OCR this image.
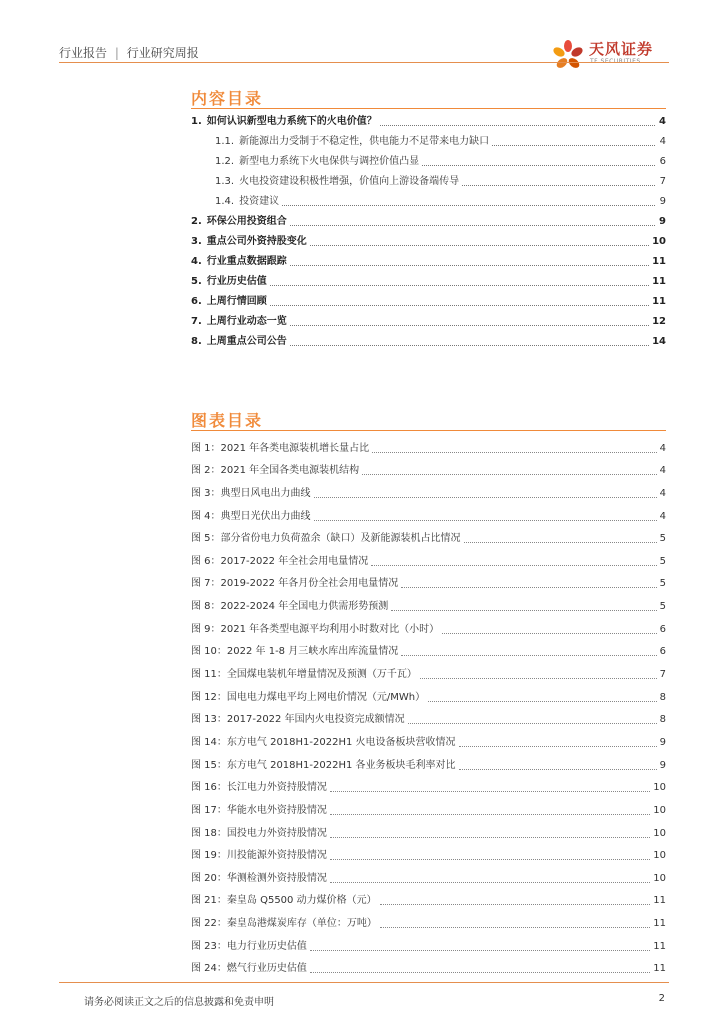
行业报告 | 行业研究周报	天风证券
TF SECURITIES
内容目录
1. 如何认识新型电力系统下的火电价值？	4
1.1. 新能源出力受制于不稳定性，供电能力不足带来电力缺口	4
1.2. 新型电力系统下火电保供与调控价值凸显	6
1.3. 火电投资建设积极性增强，价值向上游设备端传导	7
1.4. 投资建议	9
2. 环保公用投资组合	9
3. 重点公司外资持股变化	10
4. 行业重点数据跟踪	11
5. 行业历史估值	11
6. 上周行情回顾	11
7. 上周行业动态一览	12
8. 上周重点公司公告	14
图表目录
图 1：2021 年各类电源装机增长量占比	4
图 2：2021 年全国各类电源装机结构	4
图 3：典型日风电出力曲线	4
图 4：典型日光伏出力曲线	4
图 5：部分省份电力负荷盈余（缺口）及新能源装机占比情况	5
图 6：2017-2022 年全社会用电量情况	5
图 7：2019-2022 年各月份全社会用电量情况	5
图 8：2022-2024 年全国电力供需形势预测	5
图 9：2021 年各类型电源平均利用小时数对比（小时）	6
图 10：2022 年 1-8 月三峡水库出库流量情况	6
图 11：全国煤电装机年增量情况及预测（万千瓦）	7
图 12：国电电力煤电平均上网电价情况（元/MWh）	8
图 13：2017-2022 年国内火电投资完成额情况	8
图 14：东方电气 2018H1-2022H1 火电设备板块营收情况	9
图 15：东方电气 2018H1-2022H1 各业务板块毛利率对比	9
图 16：长江电力外资持股情况	10
图 17：华能水电外资持股情况	10
图 18：国投电力外资持股情况	10
图 19：川投能源外资持股情况	10
图 20：华测检测外资持股情况	10
图 21：秦皇岛 Q5500 动力煤价格（元）	11
图 22：秦皇岛港煤炭库存（单位：万吨）	11
图 23：电力行业历史估值	11
图 24：燃气行业历史估值	11
请务必阅读正文之后的信息披露和免责申明	2
